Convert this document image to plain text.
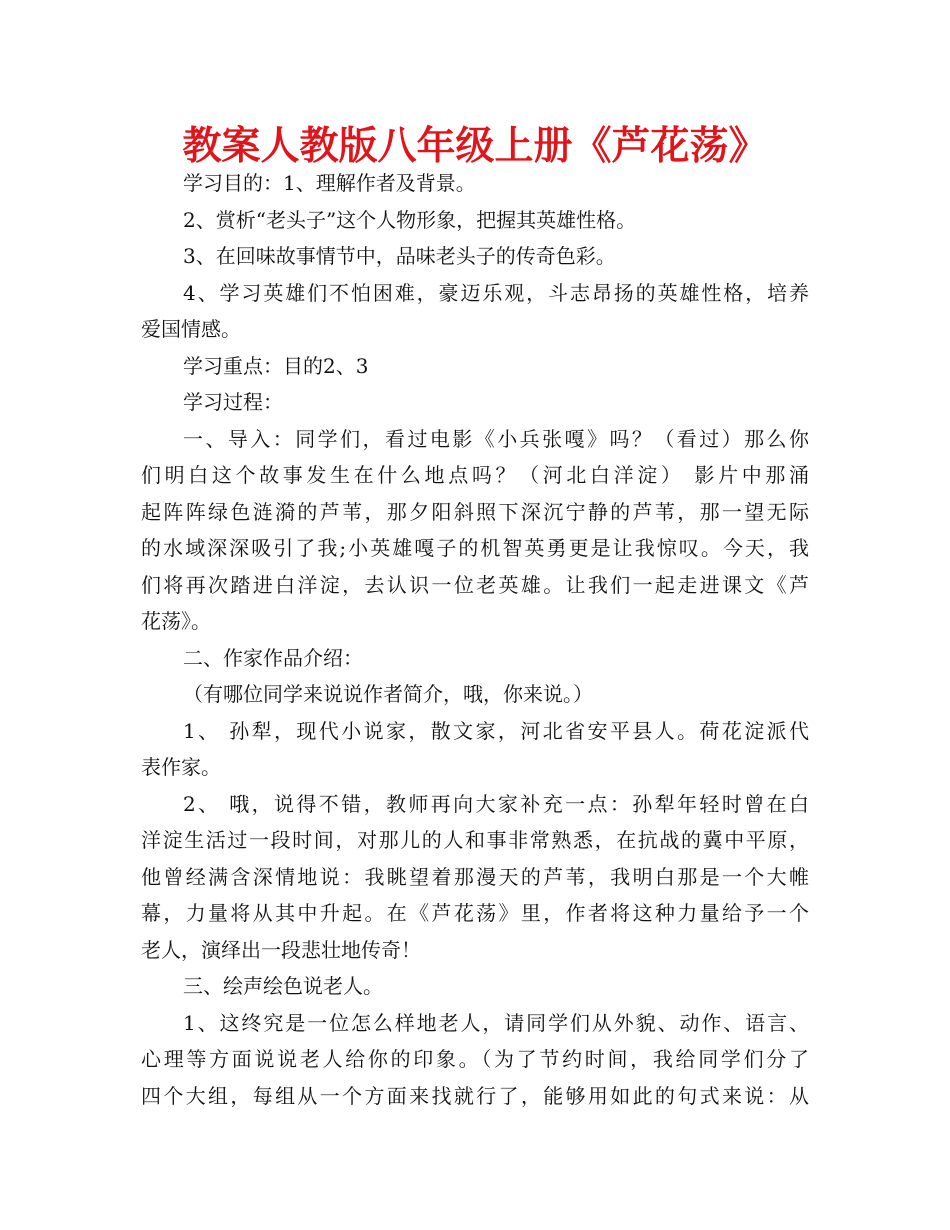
教案人教版八年级上册《芦花荡》
学习目的：1、理解作者及背景。
2、赏析“老头子”这个人物形象，把握其英雄性格。
3、在回味故事情节中，品味老头子的传奇色彩。
4、学习英雄们不怕困难，豪迈乐观，斗志昂扬的英雄性格，培养
爱国情感。
学习重点：目的2、3
学习过程：
一、导入：同学们，看过电影《小兵张嘎》吗？（看过）那么你
们明白这个故事发生在什么地点吗？（河北白洋淀） 影片中那涌
起阵阵绿色涟漪的芦苇，那夕阳斜照下深沉宁静的芦苇，那一望无际
的水域深深吸引了我;小英雄嘎子的机智英勇更是让我惊叹。今天，我
们将再次踏进白洋淀，去认识一位老英雄。让我们一起走进课文《芦
花荡》。
二、作家作品介绍：
（有哪位同学来说说作者简介，哦，你来说。）
1、 孙犁，现代小说家，散文家，河北省安平县人。荷花淀派代
表作家。
2、 哦，说得不错，教师再向大家补充一点：孙犁年轻时曾在白
洋淀生活过一段时间，对那儿的人和事非常熟悉，在抗战的冀中平原，
他曾经满含深情地说：我眺望着那漫天的芦苇，我明白那是一个大帷
幕，力量将从其中升起。在《芦花荡》里，作者将这种力量给予一个
老人，演绎出一段悲壮地传奇！
三、绘声绘色说老人。
1、这终究是一位怎么样地老人，请同学们从外貌、动作、语言、
心理等方面说说老人给你的印象。（为了节约时间，我给同学们分了
四个大组，每组从一个方面来找就行了，能够用如此的句式来说：从
